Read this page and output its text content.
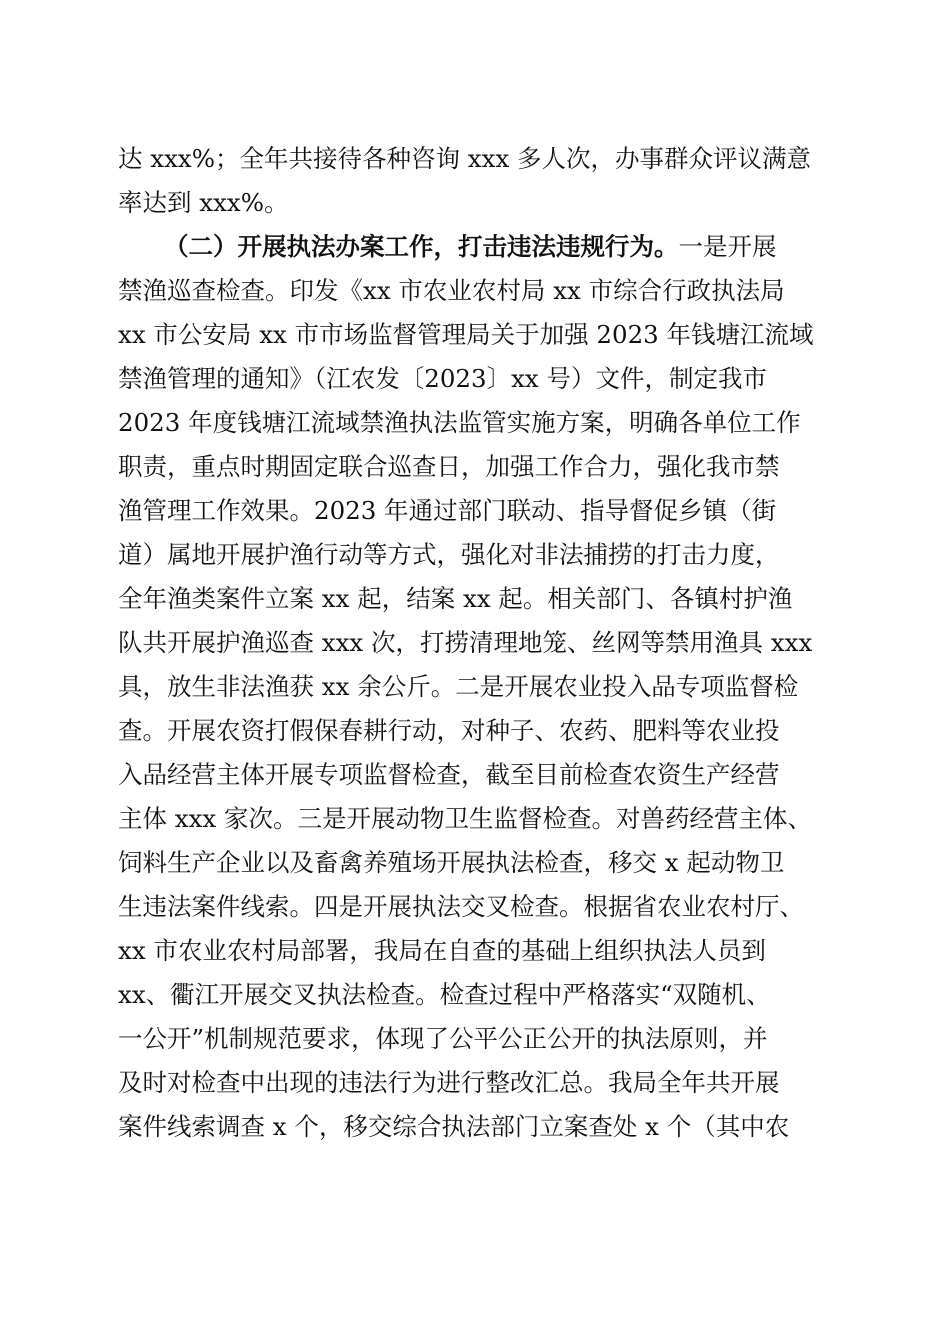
达 xxx%；全年共接待各种咨询 xxx 多人次，办事群众评议满意
率达到 xxx%。
（二）开展执法办案工作，打击违法违规行为。一是开展
禁渔巡查检查。印发《xx 市农业农村局 xx 市综合行政执法局
xx 市公安局 xx 市市场监督管理局关于加强 2023 年钱塘江流域
禁渔管理的通知》（江农发〔2023〕xx 号）文件，制定我市
2023 年度钱塘江流域禁渔执法监管实施方案，明确各单位工作
职责，重点时期固定联合巡查日，加强工作合力，强化我市禁
渔管理工作效果。2023 年通过部门联动、指导督促乡镇（街
道）属地开展护渔行动等方式，强化对非法捕捞的打击力度，
全年渔类案件立案 xx 起，结案 xx 起。相关部门、各镇村护渔
队共开展护渔巡查 xxx 次，打捞清理地笼、丝网等禁用渔具 xxx
具，放生非法渔获 xx 余公斤。二是开展农业投入品专项监督检
查。开展农资打假保春耕行动，对种子、农药、肥料等农业投
入品经营主体开展专项监督检查，截至目前检查农资生产经营
主体 xxx 家次。三是开展动物卫生监督检查。对兽药经营主体、
饲料生产企业以及畜禽养殖场开展执法检查，移交 x 起动物卫
生违法案件线索。四是开展执法交叉检查。根据省农业农村厅、
xx 市农业农村局部署，我局在自查的基础上组织执法人员到
xx、衢江开展交叉执法检查。检查过程中严格落实“双随机、
一公开”机制规范要求，体现了公平公正公开的执法原则，并
及时对检查中出现的违法行为进行整改汇总。我局全年共开展
案件线索调查 x 个，移交综合执法部门立案查处 x 个（其中农
